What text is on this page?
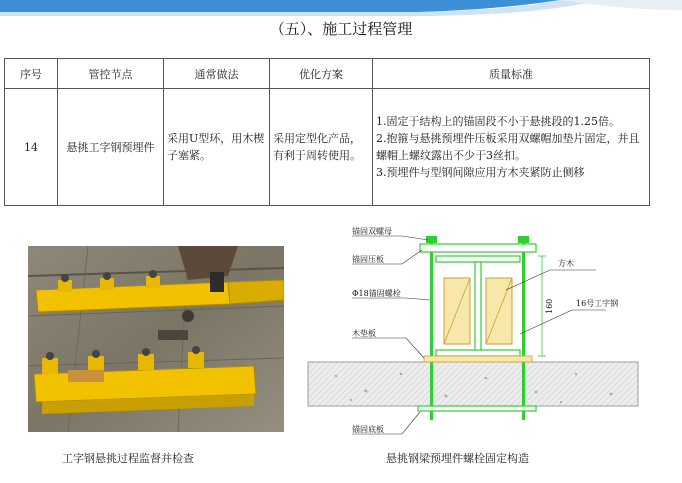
（五）、施工过程管理
序号	管控节点	通常做法	优化方案	质量标准
14	悬挑工字钢预埋件	采用U型环，用木楔子塞紧。	采用定型化产品，有利于周转使用。	1.固定于结构上的锚固段不小于悬挑段的1.25倍。
2.抱箍与悬挑预埋件压板采用双螺帽加垫片固定，并且螺帽上螺纹露出不少于3丝扣。
3.预埋件与型钢间隙应用方木夹紧防止侧移
工字钢悬挑过程监督并检查
160
锚固双螺母
锚固压板
Φ18锚固螺栓
木垫板
方木
16号工字钢
锚固底板
悬挑钢梁预埋件螺栓固定构造
